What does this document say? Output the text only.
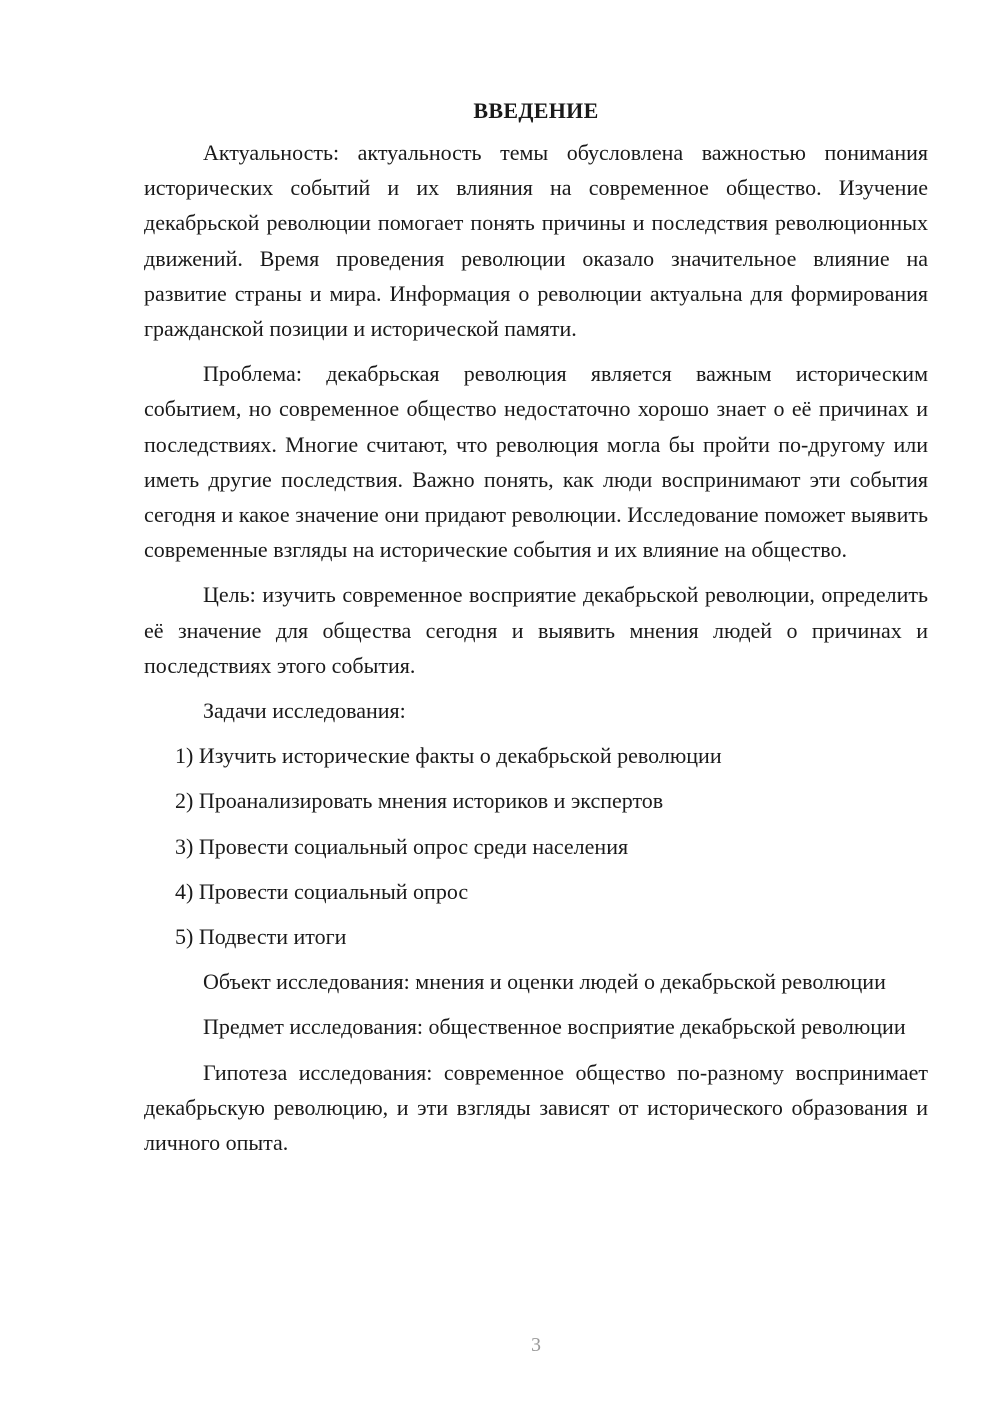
ВВЕДЕНИЕ

Актуальность: актуальность темы обусловлена важностью понимания исторических событий и их влияния на современное общество. Изучение декабрьской революции помогает понять причины и последствия революционных движений. Время проведения революции оказало значительное влияние на развитие страны и мира. Информация о революции актуальна для формирования гражданской позиции и исторической памяти.

Проблема: декабрьская революция является важным историческим событием, но современное общество недостаточно хорошо знает о её причинах и последствиях. Многие считают, что революция могла бы пройти по-другому или иметь другие последствия. Важно понять, как люди воспринимают эти события сегодня и какое значение они придают революции. Исследование поможет выявить современные взгляды на исторические события и их влияние на общество.

Цель: изучить современное восприятие декабрьской революции, определить её значение для общества сегодня и выявить мнения людей о причинах и последствиях этого события.

Задачи исследования:

1) Изучить исторические факты о декабрьской революции
2) Проанализировать мнения историков и экспертов
3) Провести социальный опрос среди населения
4) Провести социальный опрос
5) Подвести итоги

Объект исследования: мнения и оценки людей о декабрьской революции

Предмет исследования: общественное восприятие декабрьской революции

Гипотеза исследования: современное общество по-разному воспринимает декабрьскую революцию, и эти взгляды зависят от исторического образования и личного опыта.

3
